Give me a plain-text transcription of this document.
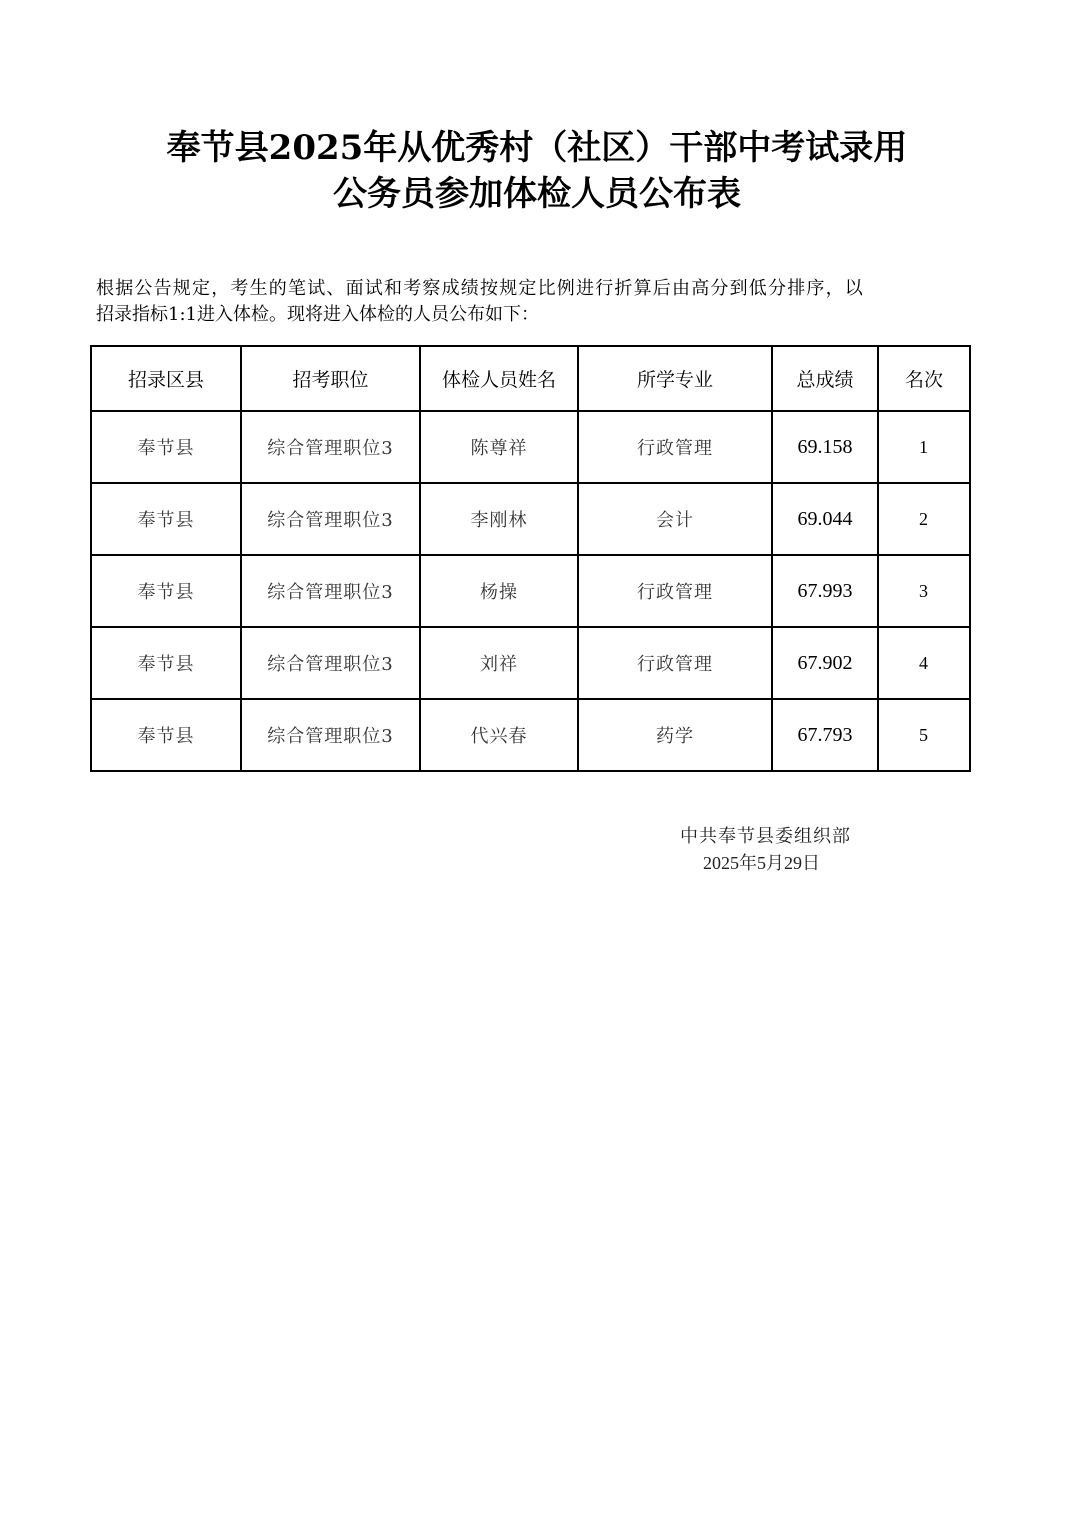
奉节县2025年从优秀村（社区）干部中考试录用
公务员参加体检人员公布表
根据公告规定，考生的笔试、面试和考察成绩按规定比例进行折算后由高分到低分排序，以
招录指标1:1进入体检。现将进入体检的人员公布如下：
招录区县	招考职位	体检人员姓名	所学专业	总成绩	名次
奉节县	综合管理职位3	陈尊祥	行政管理	69.158	1
奉节县	综合管理职位3	李刚林	会计	69.044	2
奉节县	综合管理职位3	杨操	行政管理	67.993	3
奉节县	综合管理职位3	刘祥	行政管理	67.902	4
奉节县	综合管理职位3	代兴春	药学	67.793	5
中共奉节县委组织部
2025年5月29日
